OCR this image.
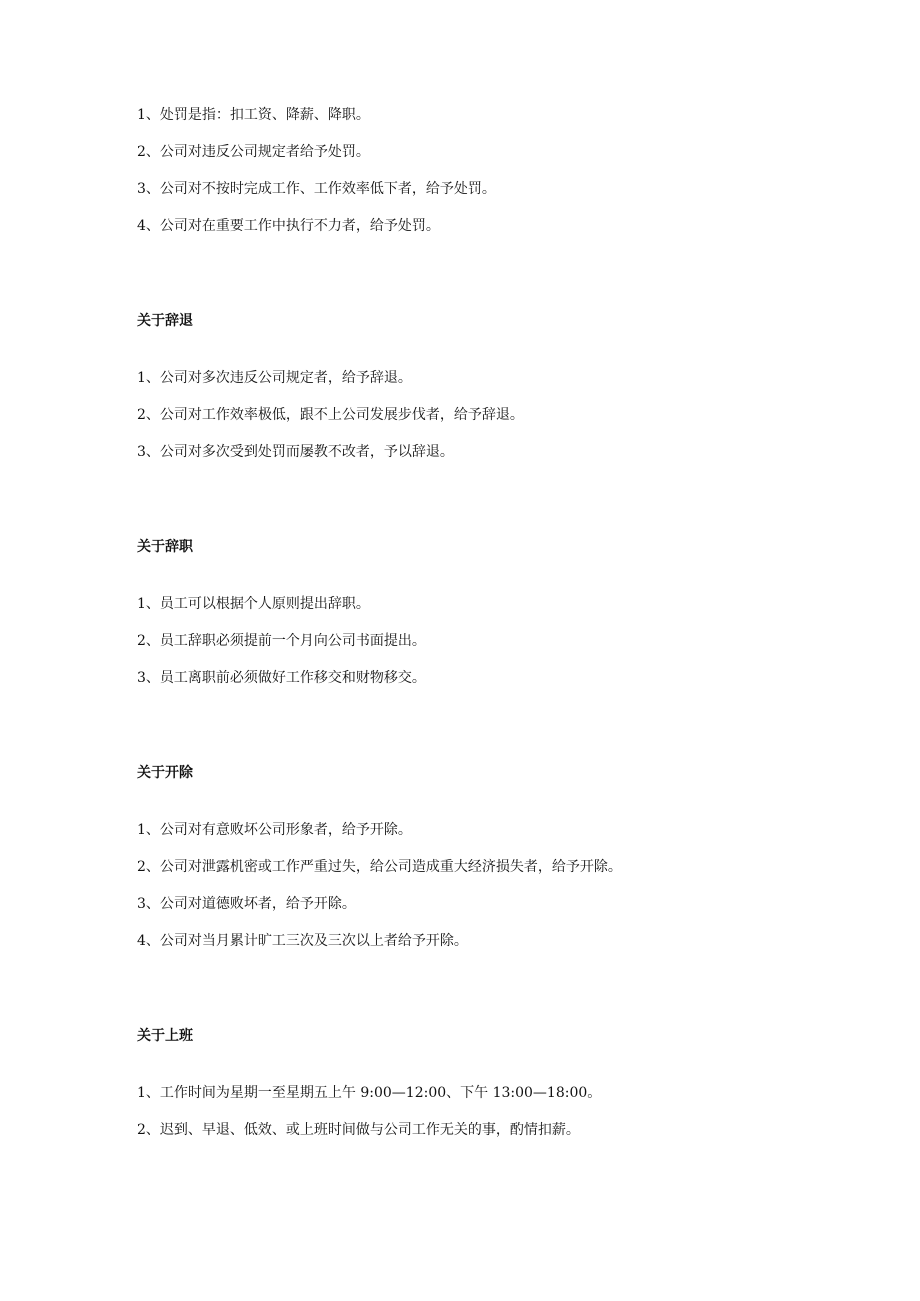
1、处罚是指：扣工资、降薪、降职。

2、公司对违反公司规定者给予处罚。

3、公司对不按时完成工作、工作效率低下者，给予处罚。

4、公司对在重要工作中执行不力者，给予处罚。

关于辞退

1、公司对多次违反公司规定者，给予辞退。

2、公司对工作效率极低，跟不上公司发展步伐者，给予辞退。

3、公司对多次受到处罚而屡教不改者，予以辞退。

关于辞职

1、员工可以根据个人原则提出辞职。

2、员工辞职必须提前一个月向公司书面提出。

3、员工离职前必须做好工作移交和财物移交。

关于开除

1、公司对有意败坏公司形象者，给予开除。

2、公司对泄露机密或工作严重过失，给公司造成重大经济损失者，给予开除。

3、公司对道德败坏者，给予开除。

4、公司对当月累计旷工三次及三次以上者给予开除。

关于上班

1、工作时间为星期一至星期五上午 9:00—12:00、下午 13:00—18:00。

2、迟到、早退、低效、或上班时间做与公司工作无关的事，酌情扣薪。
